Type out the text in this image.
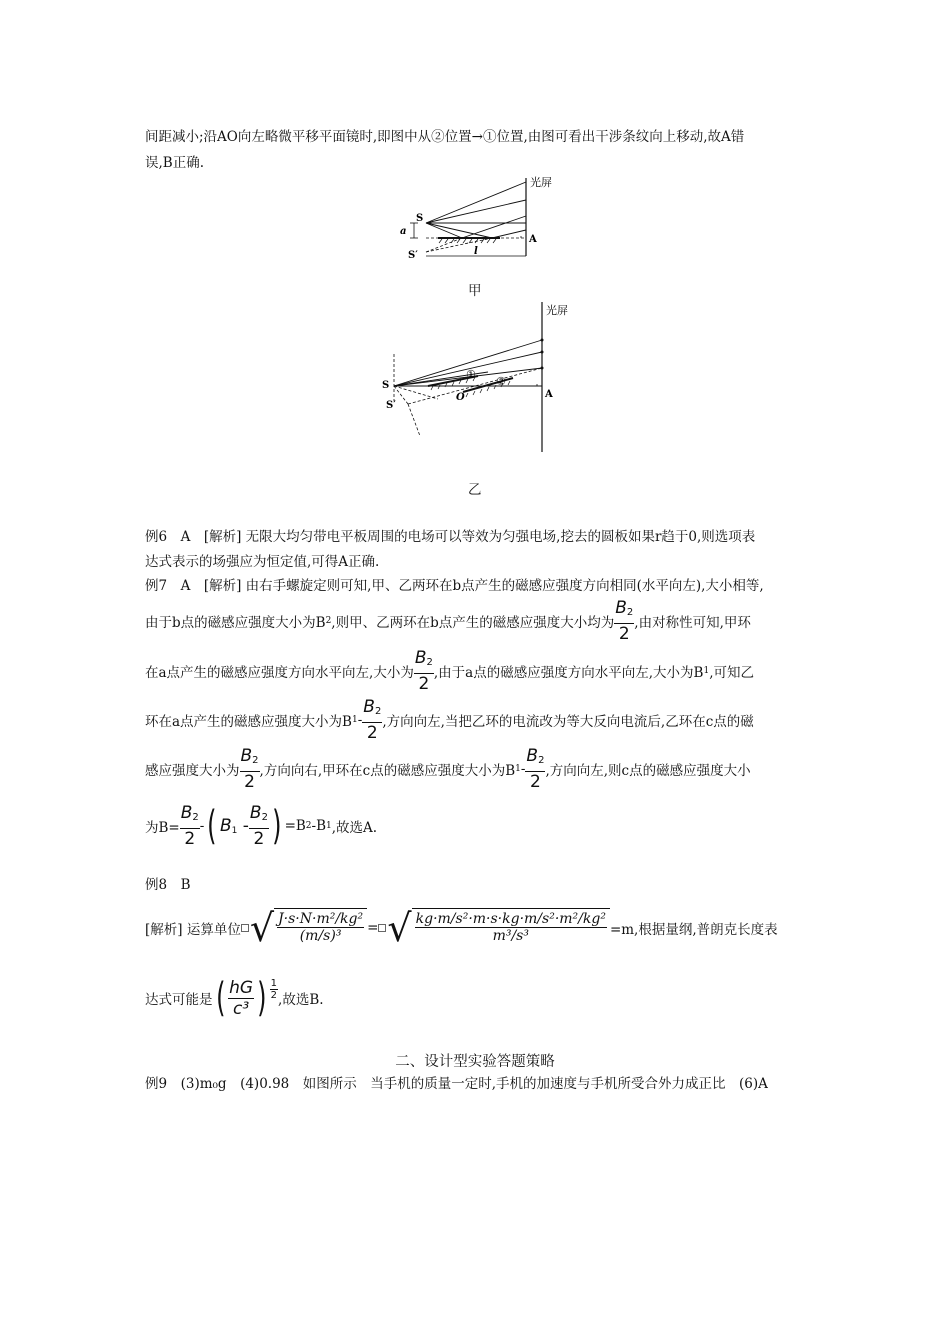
间距减小;沿AO向左略微平移平面镜时,即图中从②位置→①位置,由图可看出干涉条纹向上移动,故A错
误,B正确.
光屏
S
S′
a
A
l
甲
光屏
S
S′
O	A
①
②
乙
例6　A　[解析] 无限大均匀带电平板周围的电场可以等效为匀强电场,挖去的圆板如果r趋于0,则选项表
达式表示的场强应为恒定值,可得A正确.
例7　A　[解析] 由右手螺旋定则可知,甲、乙两环在b点产生的磁感应强度方向相同(水平向左),大小相等,
由于b点的磁感应强度大小为B 2 ,则甲、乙两环在b点产生的磁感应强度大小均为 $\frac{B_2}{2}$ ,由对称性可知,甲环
在a点产生的磁感应强度方向水平向左,大小为 $\frac{B_2}{2}$ ,由于a点的磁感应强度方向水平向左,大小为B 1 ,可知乙
环在a点产生的磁感应强度大小为B $1 - \frac{B_2}{2}$ ,方向向左,当把乙环的电流改为等大反向电流后,乙环在c点的磁
感应强度大小为 $\frac{B_2}{2}$ ,方向向右,甲环在c点的磁感应强度大小为B $1 - \frac{B_2}{2}$ ,方向向左,则c点的磁感应强度大小
为$B= \frac{B_2}{2}$ - ( $B_1 - \frac{B_2}{2}$ ) =B 2 -B 1 ,故选A.
例8　B
[解析] 运算单位 √ $\frac{\text{J·s·N·m²/kg²}}{\text{(m/s)³}}$ = √ $\frac{\text{kg·m/s²·m·s·kg·m/s²·m²/kg²}}{\text{m³/s³}} =m$,根据量纲,普朗克长度表
达式可能是 ( $\frac{hG}{\text{c³}}$ ) $\frac{1}{2}$ ,故选B.
二、设计型实验答题策略
例9　(3)m₀g　(4)0.98　如图所示　当手机的质量一定时,手机的加速度与手机所受合外力成正比　(6)A
